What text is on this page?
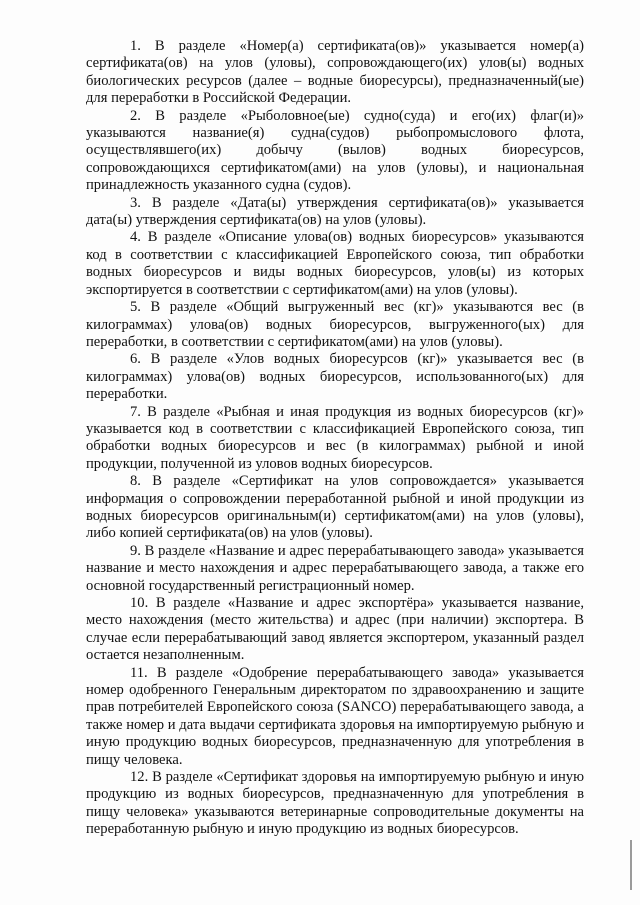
1. В разделе «Номер(а) сертификата(ов)» указывается номер(а) сертификата(ов) на улов (уловы), сопровождающего(их) улов(ы) водных биологических ресурсов (далее – водные биоресурсы), предназначенный(ые) для переработки в Российской Федерации.

2. В разделе «Рыболовное(ые) судно(суда) и его(их) флаг(и)» указываются название(я) судна(судов) рыбопромыслового флота, осуществлявшего(их) добычу (вылов) водных биоресурсов, сопровождающихся сертификатом(ами) на улов (уловы), и национальная принадлежность указанного судна (судов).

3. В разделе «Дата(ы) утверждения сертификата(ов)» указывается дата(ы) утверждения сертификата(ов) на улов (уловы).

4. В разделе «Описание улова(ов) водных биоресурсов» указываются код в соответствии с классификацией Европейского союза, тип обработки водных биоресурсов и виды водных биоресурсов, улов(ы) из которых экспортируется в соответствии с сертификатом(ами) на улов (уловы).

5. В разделе «Общий выгруженный вес (кг)» указываются вес (в килограммах) улова(ов) водных биоресурсов, выгруженного(ых) для переработки, в соответствии с сертификатом(ами) на улов (уловы).

6. В разделе «Улов водных биоресурсов (кг)» указывается вес (в килограммах) улова(ов) водных биоресурсов, использованного(ых) для переработки.

7. В разделе «Рыбная и иная продукция из водных биоресурсов (кг)» указывается код в соответствии с классификацией Европейского союза, тип обработки водных биоресурсов и вес (в килограммах) рыбной и иной продукции, полученной из уловов водных биоресурсов.

8. В разделе «Сертификат на улов сопровождается» указывается информация о сопровождении переработанной рыбной и иной продукции из водных биоресурсов оригинальным(и) сертификатом(ами) на улов (уловы), либо копией сертификата(ов) на улов (уловы).

9. В разделе «Название и адрес перерабатывающего завода» указывается название и место нахождения и адрес перерабатывающего завода, а также его основной государственный регистрационный номер.

10. В разделе «Название и адрес экспортёра» указывается название, место нахождения (место жительства) и адрес (при наличии) экспортера. В случае если перерабатывающий завод является экспортером, указанный раздел остается незаполненным.

11. В разделе «Одобрение перерабатывающего завода» указывается номер одобренного Генеральным директоратом по здравоохранению и защите прав потребителей Европейского союза (SANCO) перерабатывающего завода, а также номер и дата выдачи сертификата здоровья на импортируемую рыбную и иную продукцию водных биоресурсов, предназначенную для употребления в пищу человека.

12. В разделе «Сертификат здоровья на импортируемую рыбную и иную продукцию из водных биоресурсов, предназначенную для употребления в пищу человека» указываются ветеринарные сопроводительные документы на переработанную рыбную и иную продукцию из водных биоресурсов.
